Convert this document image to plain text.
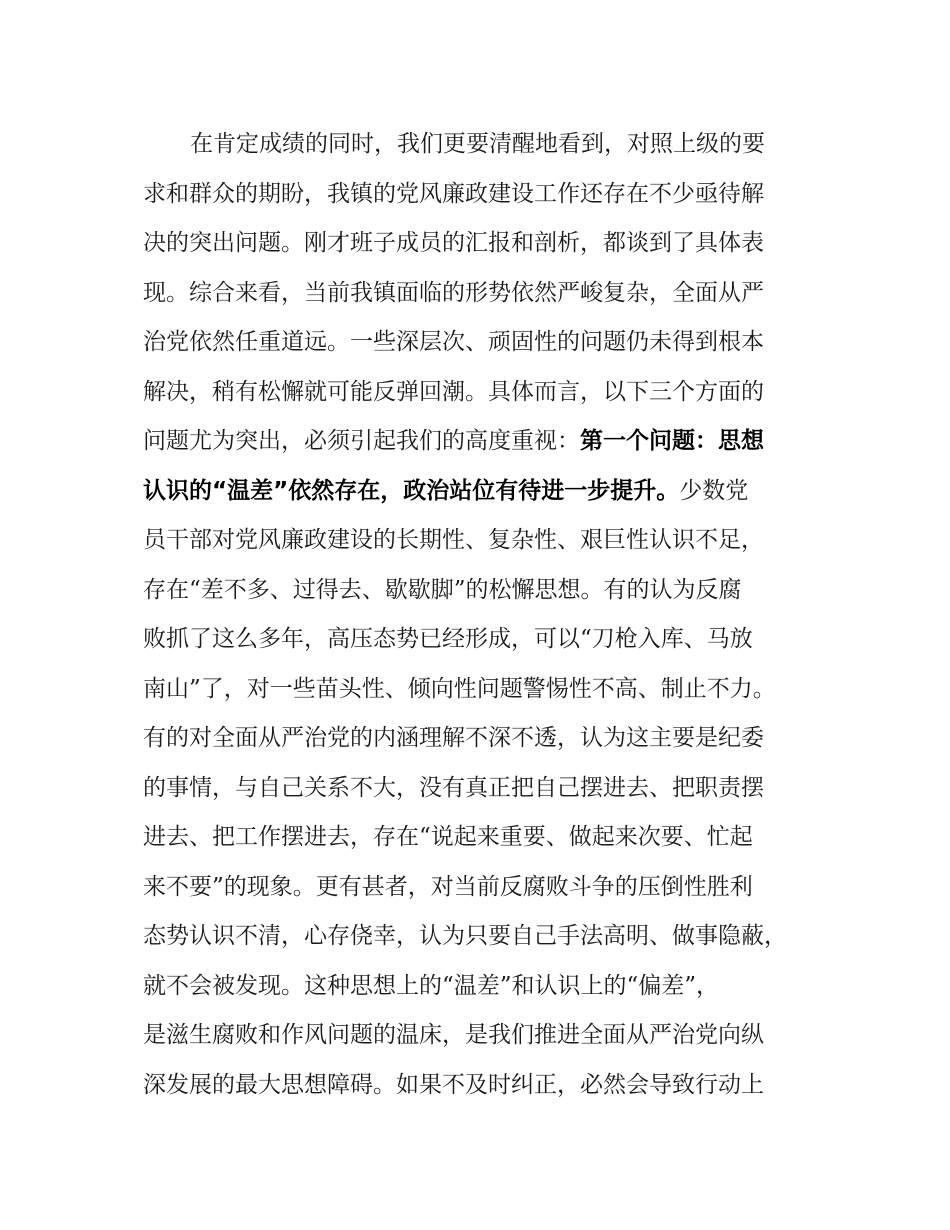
在肯定成绩的同时，我们更要清醒地看到，对照上级的要
求和群众的期盼，我镇的党风廉政建设工作还存在不少亟待解
决的突出问题。刚才班子成员的汇报和剖析，都谈到了具体表
现。综合来看，当前我镇面临的形势依然严峻复杂，全面从严
治党依然任重道远。一些深层次、顽固性的问题仍未得到根本
解决，稍有松懈就可能反弹回潮。具体而言，以下三个方面的
问题尤为突出，必须引起我们的高度重视：第一个问题：思想
认识的“温差”依然存在，政治站位有待进一步提升。少数党
员干部对党风廉政建设的长期性、复杂性、艰巨性认识不足，
存在“差不多、过得去、歇歇脚”的松懈思想。有的认为反腐
败抓了这么多年，高压态势已经形成，可以“刀枪入库、马放
南山”了，对一些苗头性、倾向性问题警惕性不高、制止不力。
有的对全面从严治党的内涵理解不深不透，认为这主要是纪委
的事情，与自己关系不大，没有真正把自己摆进去、把职责摆
进去、把工作摆进去，存在“说起来重要、做起来次要、忙起
来不要”的现象。更有甚者，对当前反腐败斗争的压倒性胜利
态势认识不清，心存侥幸，认为只要自己手法高明、做事隐蔽，
就不会被发现。这种思想上的“温差”和认识上的“偏差”，
是滋生腐败和作风问题的温床，是我们推进全面从严治党向纵
深发展的最大思想障碍。如果不及时纠正，必然会导致行动上
